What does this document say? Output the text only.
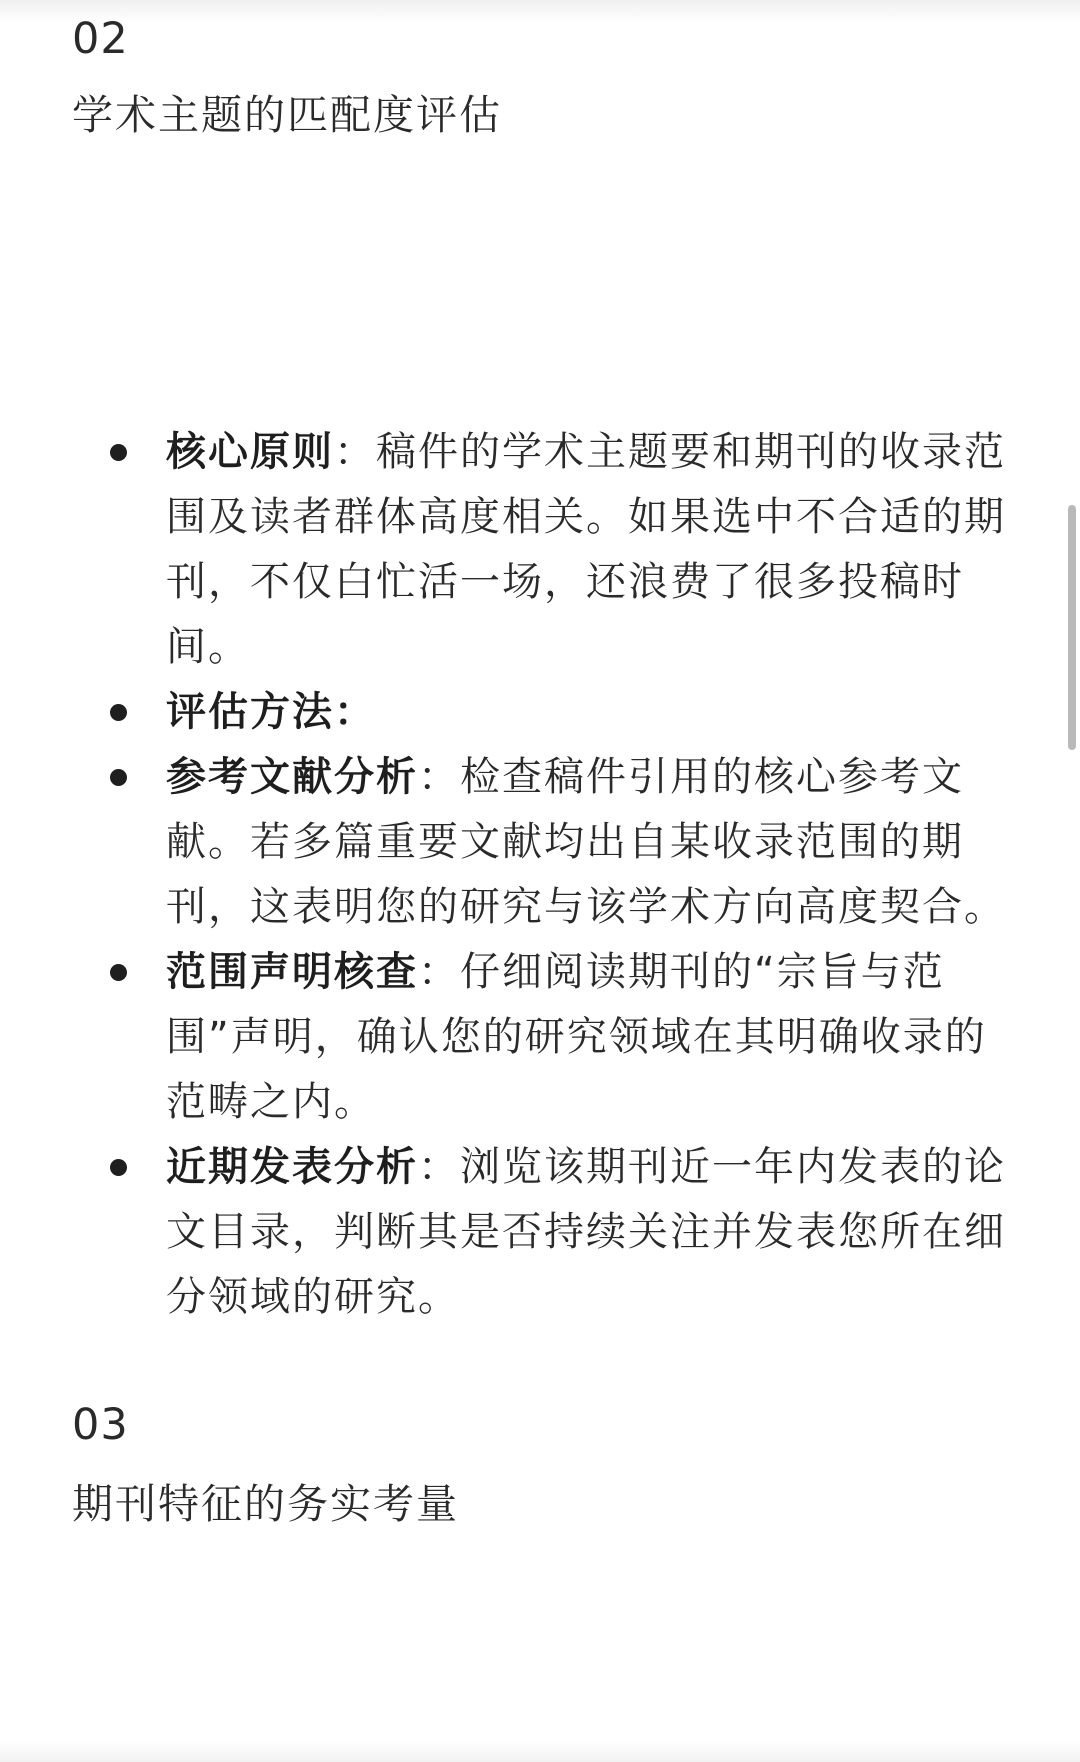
02
学术主题的匹配度评估
核心原则：稿件的学术主题要和期刊的收录范围及读者群体高度相关。如果选中不合适的期刊，不仅白忙活一场，还浪费了很多投稿时间。
评估方法：
参考文献分析：检查稿件引用的核心参考文献。若多篇重要文献均出自某收录范围的期刊，这表明您的研究与该学术方向高度契合。
范围声明核查：仔细阅读期刊的“宗旨与范围”声明，确认您的研究领域在其明确收录的范畴之内。
近期发表分析：浏览该期刊近一年内发表的论文目录，判断其是否持续关注并发表您所在细分领域的研究。
03
期刊特征的务实考量
